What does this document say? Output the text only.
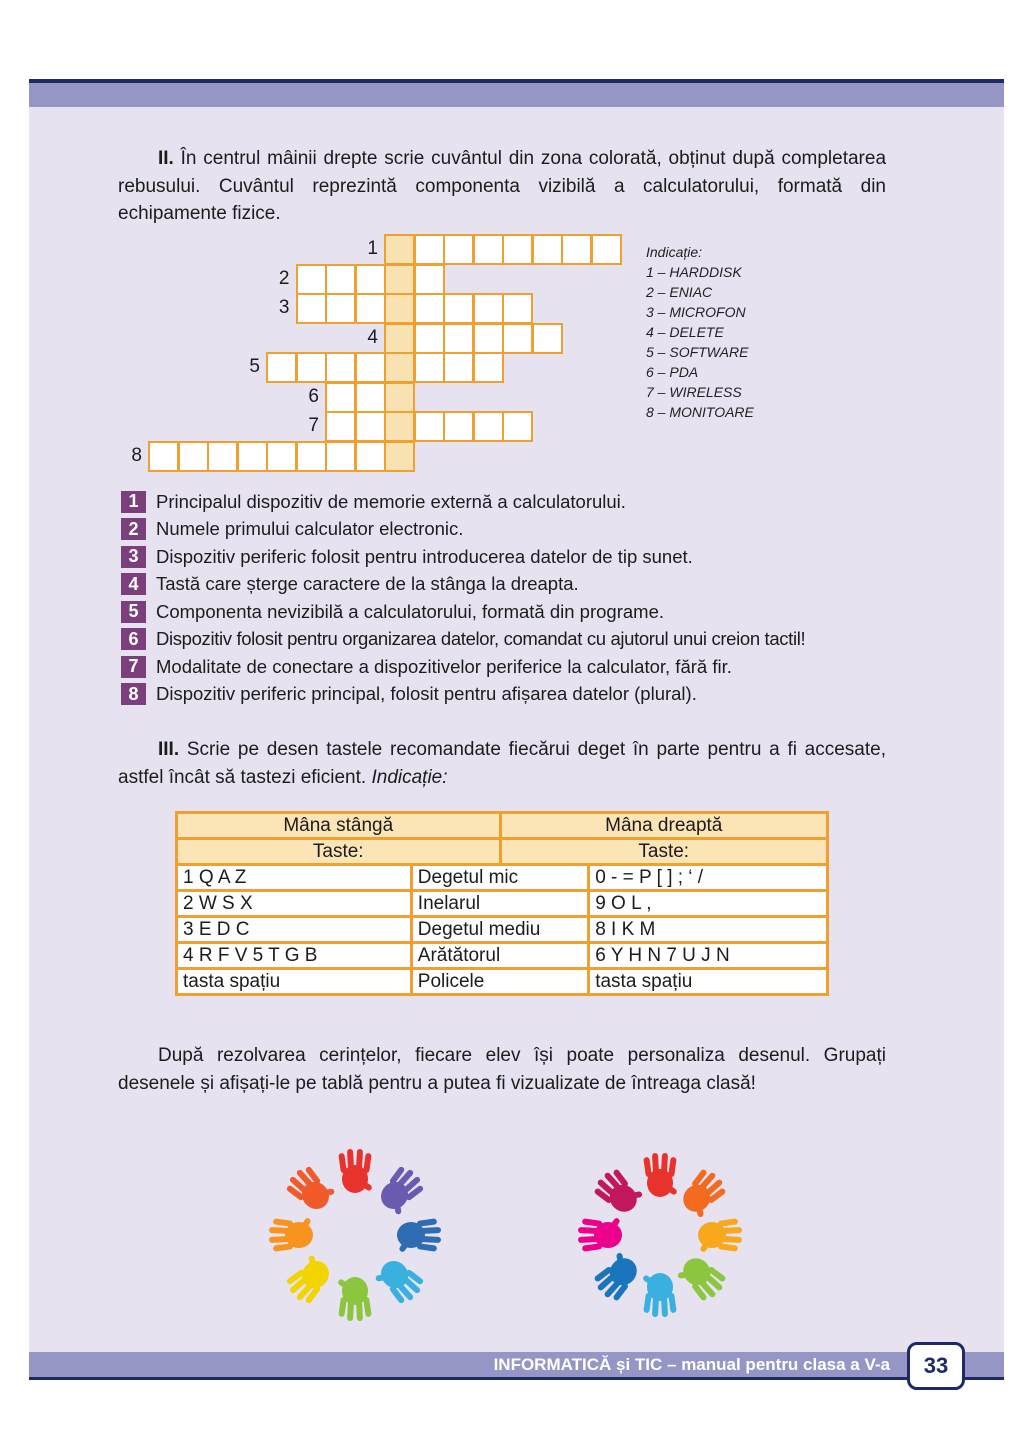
II. În centrul mâinii drepte scrie cuvântul din zona colorată, obținut după completarea rebusului. Cuvântul reprezintă componenta vizibilă a calculatorului, formată din echipamente fizice.

1
2
3
4
5
6
7
8
Indicație:
1 – HARDDISK
2 – ENIAC
3 – MICROFON
4 – DELETE
5 – SOFTWARE
6 – PDA
7 – WIRELESS
8 – MONITOARE
1 Principalul dispozitiv de memorie externă a calculatorului.
2 Numele primului calculator electronic.
3 Dispozitiv periferic folosit pentru introducerea datelor de tip sunet.
4 Tastă care șterge caractere de la stânga la dreapta.
5 Componenta nevizibilă a calculatorului, formată din programe.
6 Dispozitiv folosit pentru organizarea datelor, comandat cu ajutorul unui creion tactil!
7 Modalitate de conectare a dispozitivelor periferice la calculator, fără fir.
8 Dispozitiv periferic principal, folosit pentru afișarea datelor (plural).

III. Scrie pe desen tastele recomandate fiecărui deget în parte pentru a fi accesate, astfel încât să tastezi eficient. Indicație:

Mâna stângă		Mâna dreaptă	
Taste:		Taste:	
1 Q A Z	Degetul mic		0 - = P [ ] ; ‘ /
2 W S X	Inelarul		9 O L ,
3 E D C	Degetul mediu		8 I K M
4 R F V 5 T G B	Arătătorul		6 Y H N 7 U J N
tasta spațiu	Policele		tasta spațiu

După rezolvarea cerințelor, fiecare elev își poate personaliza desenul. Grupați desenele și afișați-le pe tablă pentru a putea fi vizualizate de întreaga clasă!

INFORMATICĂ și TIC – manual pentru clasa a V-a	33
